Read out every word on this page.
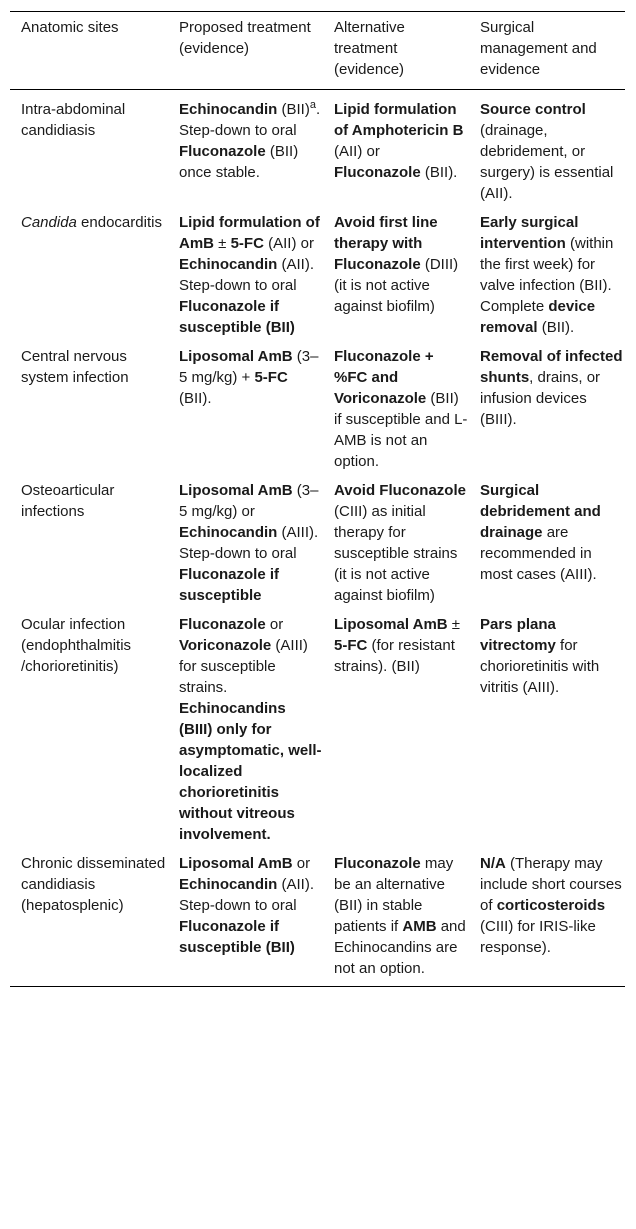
Anatomic sites	Proposed treatment (evidence)	Alternative treatment (evidence)	Surgical management and evidence
Intra-abdominal candidiasis	Echinocandin (BII)$^a$. Step-down to oral Fluconazole (BII) once stable.	Lipid formulation of Amphotericin B (AII) or Fluconazole (BII).	Source control (drainage, debridement, or surgery) is essential (AII).
Candida endocarditis	Lipid formulation of AmB ± 5-FC (AII) or Echinocandin (AII). Step-down to oral Fluconazole if susceptible (BII)	Avoid first line therapy with Fluconazole (DIII) (it is not active against biofilm)	Early surgical intervention (within the first week) for valve infection (BII). Complete device removal (BII).
Central nervous system infection	Liposomal AmB (3–5 mg/kg) + 5-FC (BII).	Fluconazole + %FC and Voriconazole (BII) if susceptible and L-AMB is not an option.	Removal of infected shunts, drains, or infusion devices (BIII).
Osteoarticular infections	Liposomal AmB (3–5 mg/kg) or Echinocandin (AIII). Step-down to oral Fluconazole if susceptible	Avoid Fluconazole (CIII) as initial therapy for susceptible strains (it is not active against biofilm)	Surgical debridement and drainage are recommended in most cases (AIII).
Ocular infection (endophthalmitis /chorioretinitis)	Fluconazole or Voriconazole (AIII) for susceptible strains. Echinocandins (BIII) only for asymptomatic, well-localized chorioretinitis without vitreous involvement.	Liposomal AmB ± 5-FC (for resistant strains). (BII)	Pars plana vitrectomy for chorioretinitis with vitritis (AIII).
Chronic disseminated candidiasis (hepatosplenic)	Liposomal AmB or Echinocandin (AII). Step-down to oral Fluconazole if susceptible (BII)	Fluconazole may be an alternative (BII) in stable patients if AMB and Echinocandins are not an option.	N/A (Therapy may include short courses of corticosteroids (CIII) for IRIS-like response).
